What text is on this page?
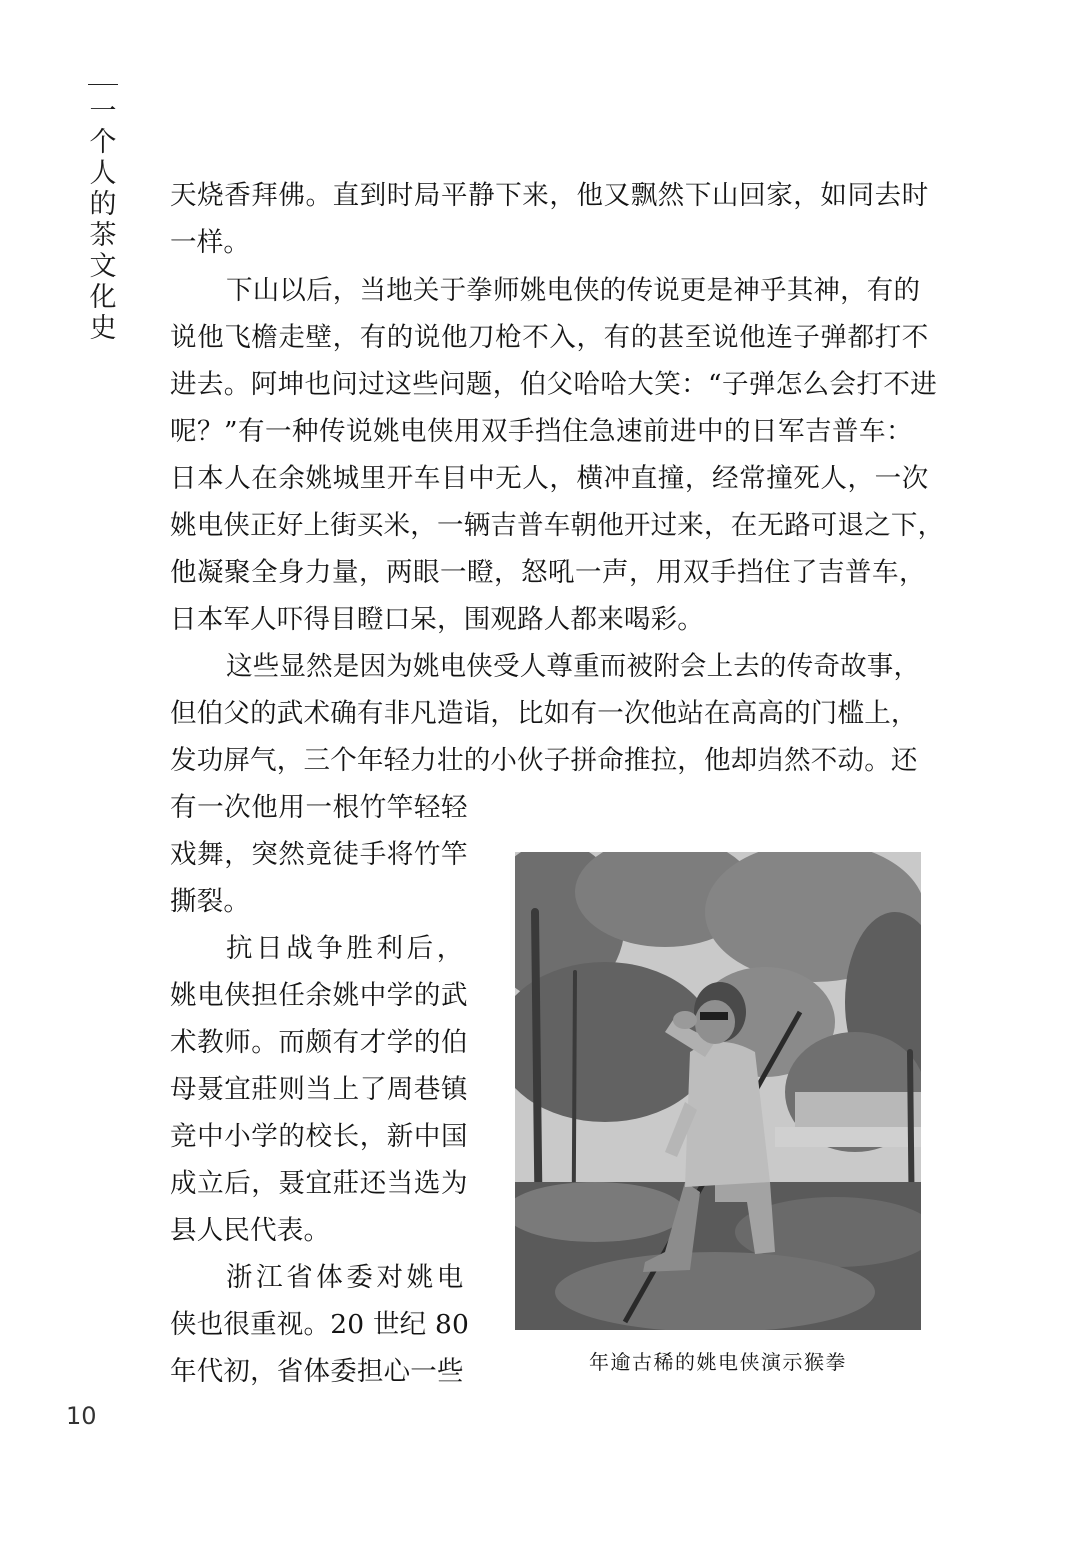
一
个
人
的
茶
文
化
史

天烧香拜佛。直到时局平静下来，他又飘然下山回家，如同去时

一样。

下山以后，当地关于拳师姚电侠的传说更是神乎其神，有的

说他飞檐走壁，有的说他刀枪不入，有的甚至说他连子弹都打不

进去。阿坤也问过这些问题，伯父哈哈大笑：“子弹怎么会打不进

呢？”有一种传说姚电侠用双手挡住急速前进中的日军吉普车：

日本人在余姚城里开车目中无人，横冲直撞，经常撞死人，一次

姚电侠正好上街买米，一辆吉普车朝他开过来，在无路可退之下，

他凝聚全身力量，两眼一瞪，怒吼一声，用双手挡住了吉普车，

日本军人吓得目瞪口呆，围观路人都来喝彩。

这些显然是因为姚电侠受人尊重而被附会上去的传奇故事，

但伯父的武术确有非凡造诣，比如有一次他站在高高的门槛上，

发功屏气，三个年轻力壮的小伙子拼命推拉，他却岿然不动。还

有一次他用一根竹竿轻轻

戏舞，突然竟徒手将竹竿

撕裂。

抗日战争胜利后，

姚电侠担任余姚中学的武

术教师。而颇有才学的伯

母聂宜莊则当上了周巷镇

竞中小学的校长，新中国

成立后，聂宜莊还当选为

县人民代表。

浙江省体委对姚电

侠也很重视。20 世纪 80

年代初，省体委担心一些	年逾古稀的姚电侠演示猴拳

10
